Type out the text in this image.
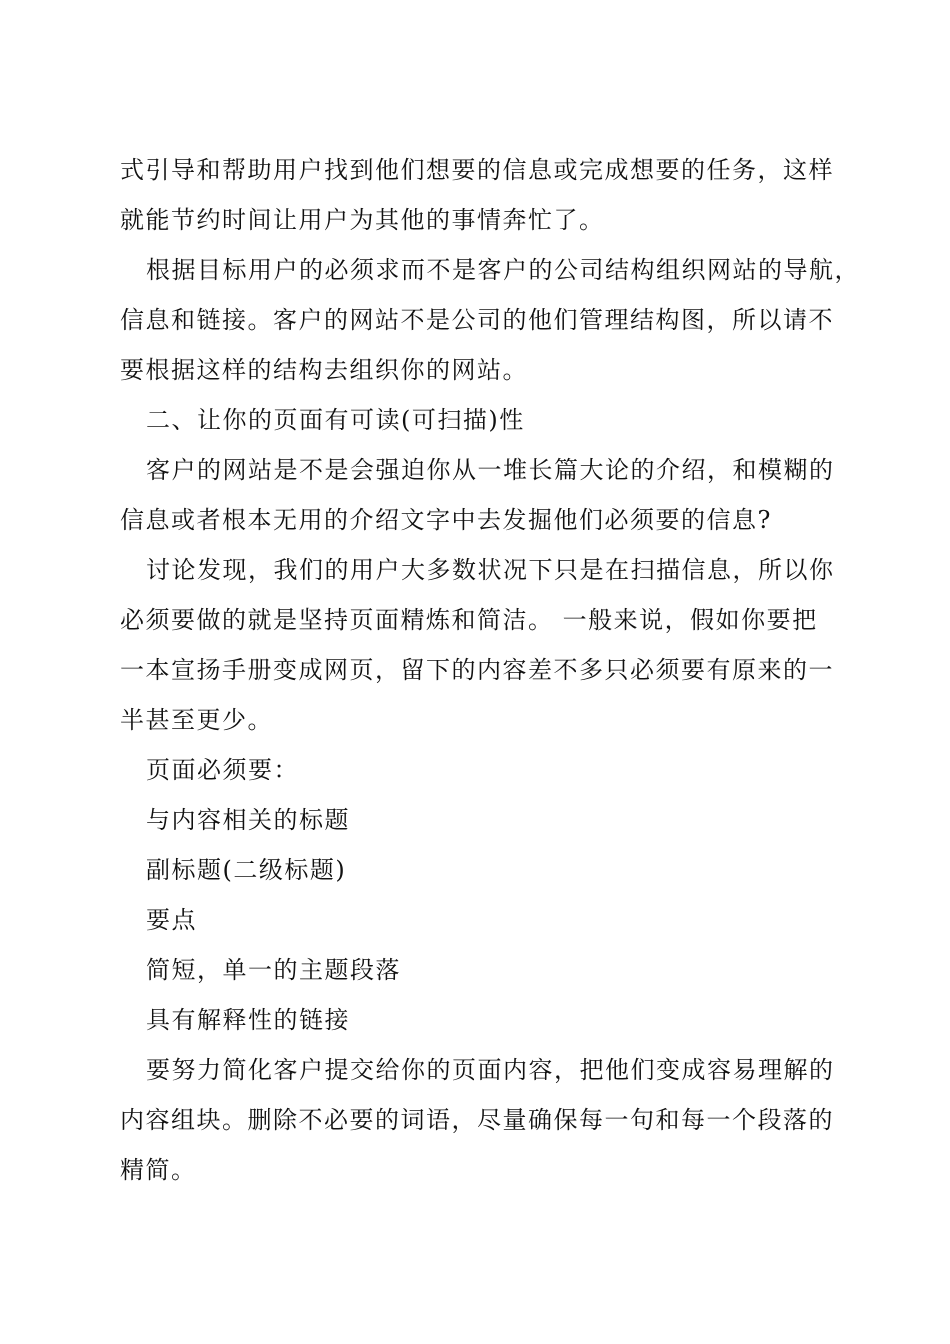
式引导和帮助用户找到他们想要的信息或完成想要的任务，这样
就能节约时间让用户为其他的事情奔忙了。
根据目标用户的必须求而不是客户的公司结构组织网站的导航，
信息和链接。客户的网站不是公司的他们管理结构图，所以请不
要根据这样的结构去组织你的网站。
二、让你的页面有可读(可扫描)性
客户的网站是不是会强迫你从一堆长篇大论的介绍，和模糊的
信息或者根本无用的介绍文字中去发掘他们必须要的信息?
讨论发现，我们的用户大多数状况下只是在扫描信息，所以你
必须要做的就是坚持页面精炼和简洁。 一般来说，假如你要把
一本宣扬手册变成网页，留下的内容差不多只必须要有原来的一
半甚至更少。
页面必须要：
与内容相关的标题
副标题(二级标题)
要点
简短，单一的主题段落
具有解释性的链接
要努力简化客户提交给你的页面内容，把他们变成容易理解的
内容组块。删除不必要的词语，尽量确保每一句和每一个段落的
精简。
